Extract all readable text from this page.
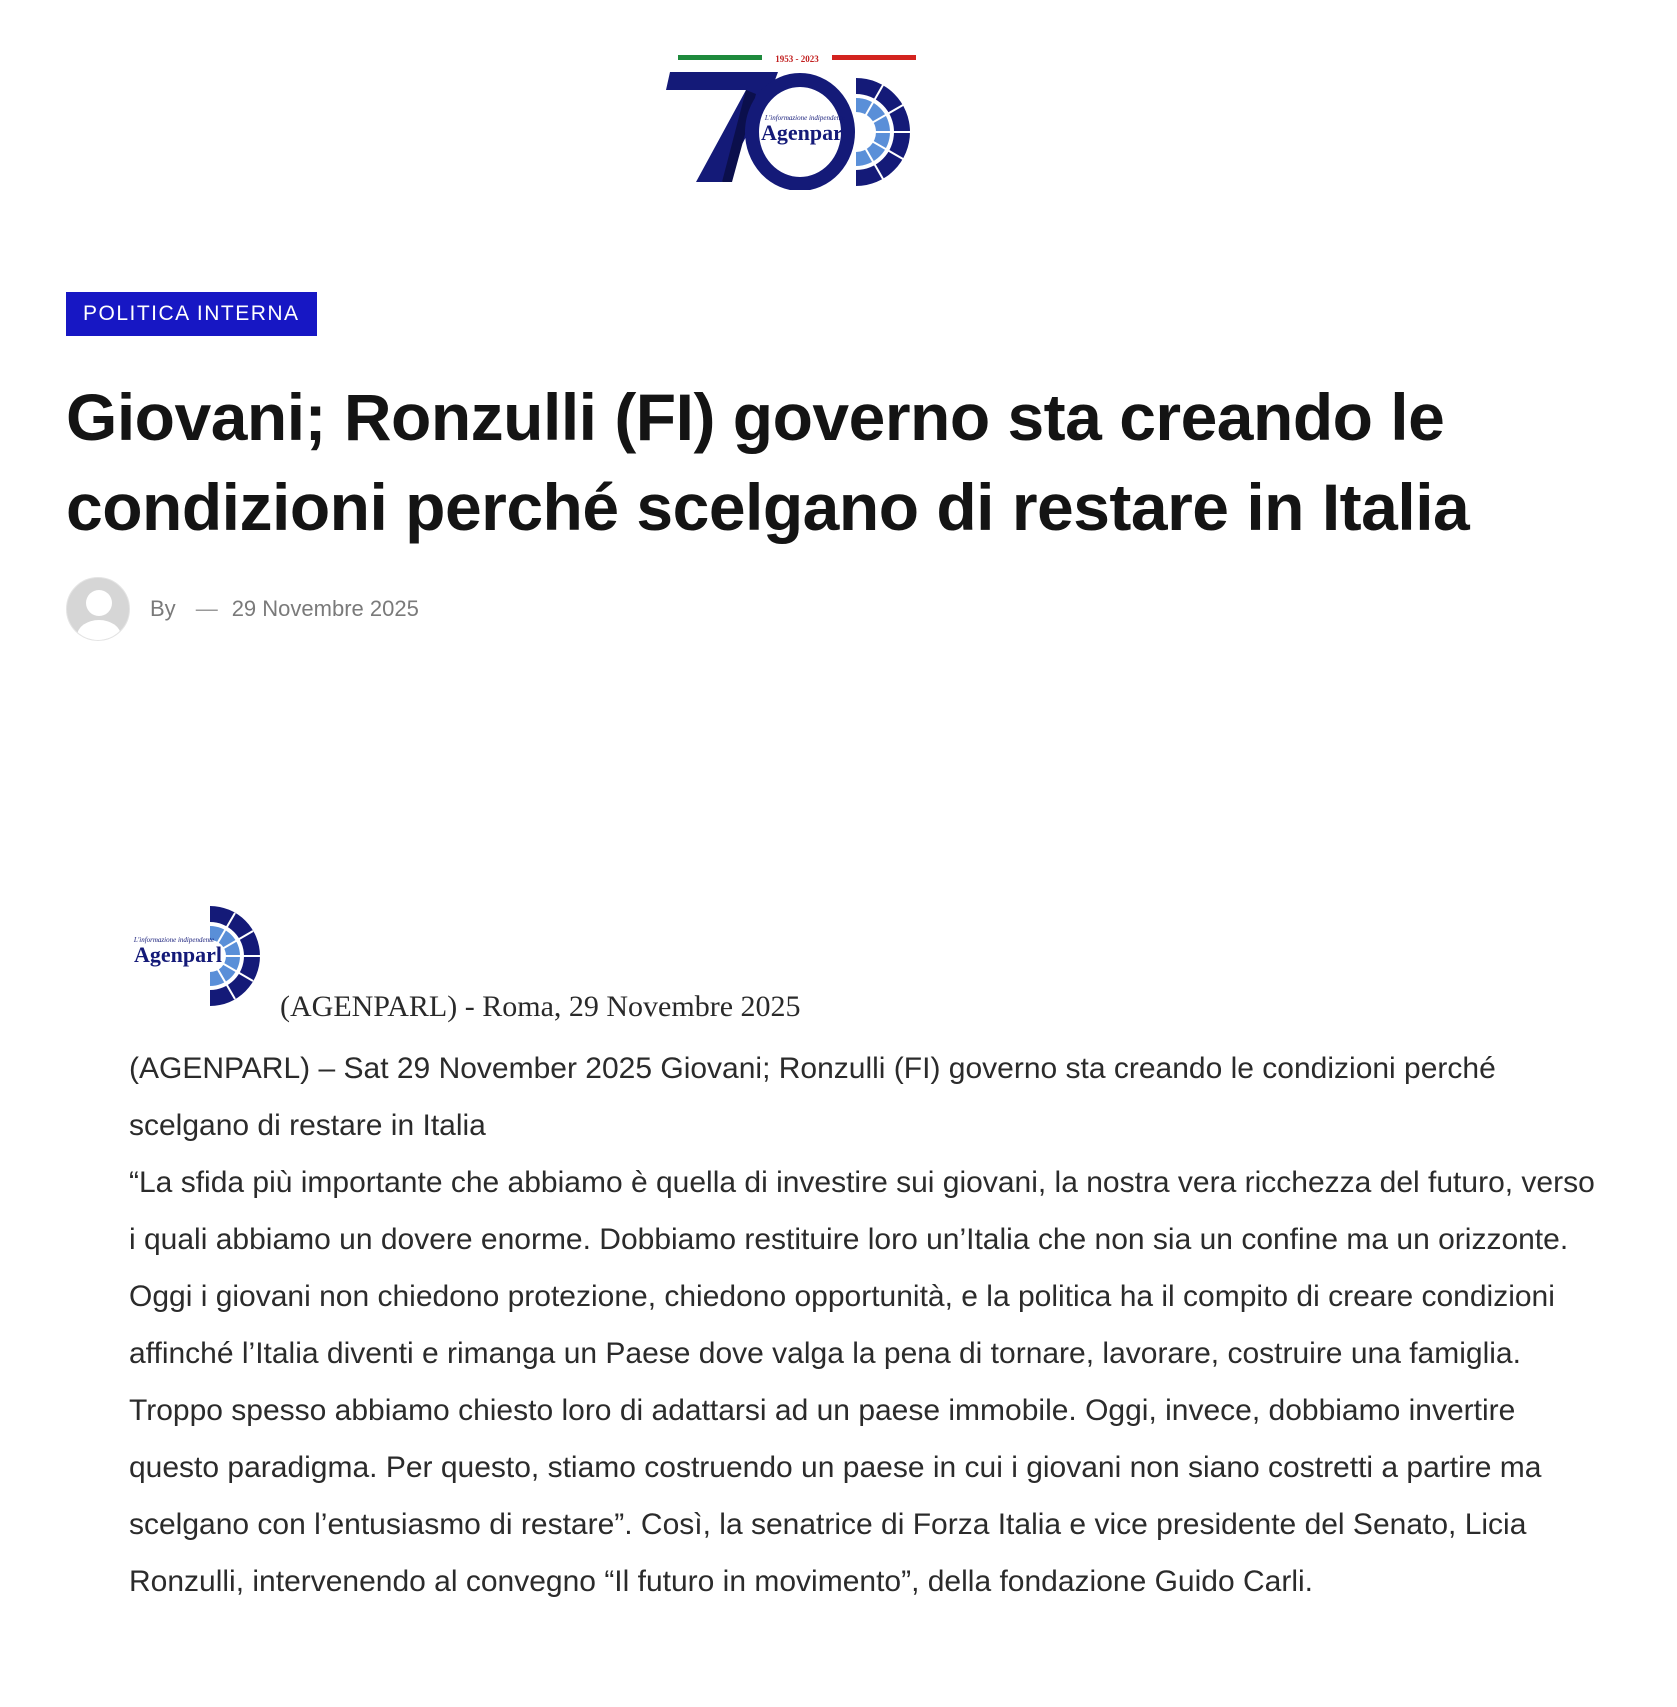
1953 - 2023
L'informazione indipendente
Agenparl
POLITICA INTERNA
Giovani; Ronzulli (FI) governo sta creando le condizioni perché scelgano di restare in Italia
By — 29 Novembre 2025
L'informazione indipendente
Agenparl
(AGENPARL) - Roma, 29 Novembre 2025

(AGENPARL) – Sat 29 November 2025 Giovani; Ronzulli (FI) governo sta creando le condizioni perché scelgano di restare in Italia

“La sfida più importante che abbiamo è quella di investire sui giovani, la nostra vera ricchezza del futuro, verso i quali abbiamo un dovere enorme. Dobbiamo restituire loro un’Italia che non sia un confine ma un orizzonte. Oggi i giovani non chiedono protezione, chiedono opportunità, e la politica ha il compito di creare condizioni affinché l’Italia diventi e rimanga un Paese dove valga la pena di tornare, lavorare, costruire una famiglia. Troppo spesso abbiamo chiesto loro di adattarsi ad un paese immobile. Oggi, invece, dobbiamo invertire questo paradigma. Per questo, stiamo costruendo un paese in cui i giovani non siano costretti a partire ma scelgano con l’entusiasmo di restare”. Così, la senatrice di Forza Italia e vice presidente del Senato, Licia Ronzulli, intervenendo al convegno “Il futuro in movimento”, della fondazione Guido Carli.
